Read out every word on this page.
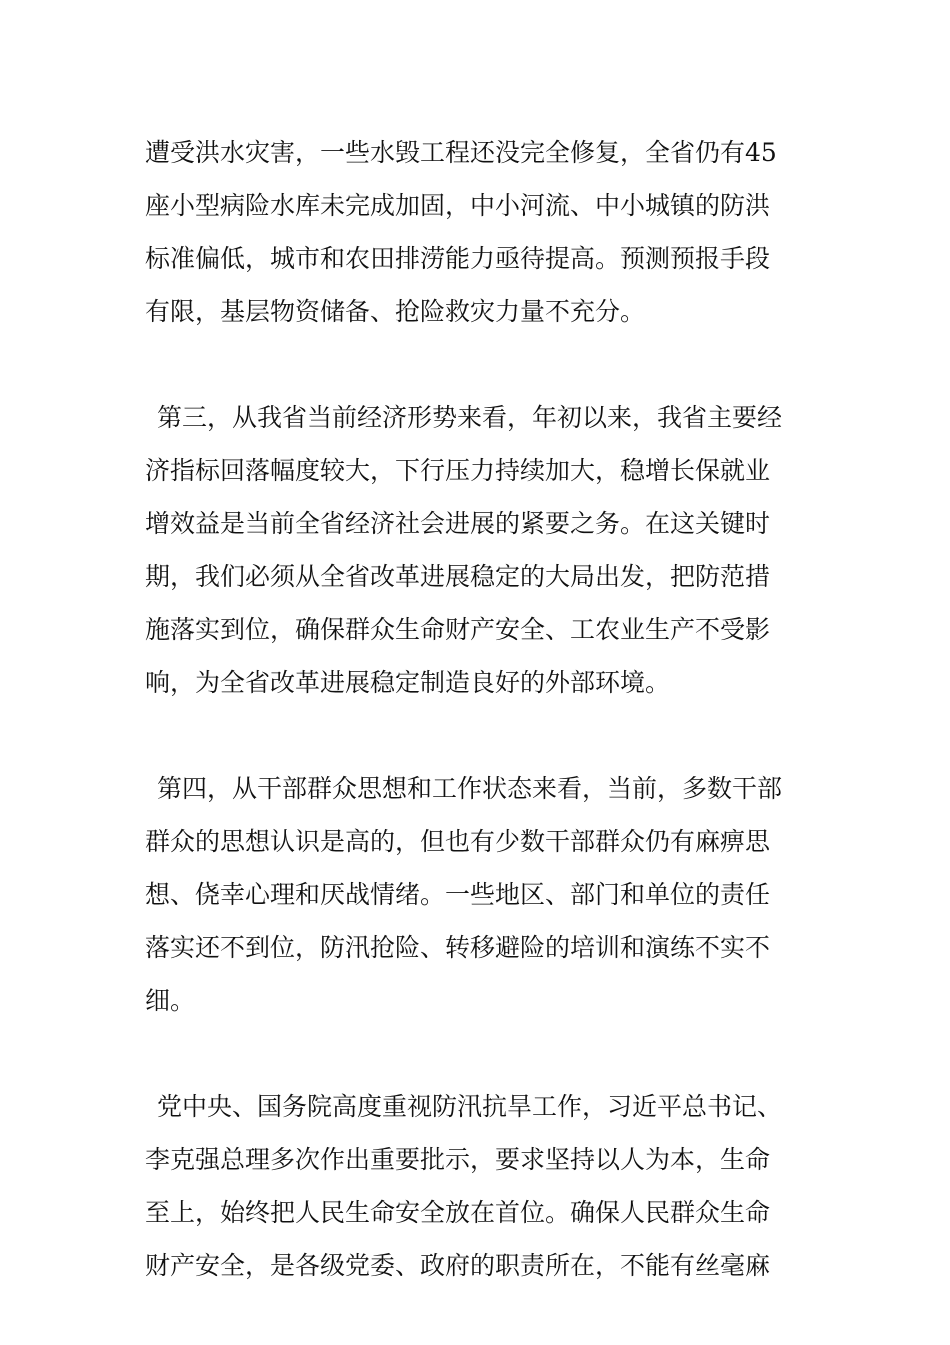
遭受洪水灾害，一些水毁工程还没完全修复，全省仍有45
座小型病险水库未完成加固，中小河流、中小城镇的防洪
标准偏低，城市和农田排涝能力亟待提高。预测预报手段
有限，基层物资储备、抢险救灾力量不充分。
第三，从我省当前经济形势来看，年初以来，我省主要经
济指标回落幅度较大，下行压力持续加大，稳增长保就业
增效益是当前全省经济社会进展的紧要之务。在这关键时
期，我们必须从全省改革进展稳定的大局出发，把防范措
施落实到位，确保群众生命财产安全、工农业生产不受影
响，为全省改革进展稳定制造良好的外部环境。
第四，从干部群众思想和工作状态来看，当前，多数干部
群众的思想认识是高的，但也有少数干部群众仍有麻痹思
想、侥幸心理和厌战情绪。一些地区、部门和单位的责任
落实还不到位，防汛抢险、转移避险的培训和演练不实不
细。
党中央、国务院高度重视防汛抗旱工作，习近平总书记、
李克强总理多次作出重要批示，要求坚持以人为本，生命
至上，始终把人民生命安全放在首位。确保人民群众生命
财产安全，是各级党委、政府的职责所在，不能有丝毫麻
